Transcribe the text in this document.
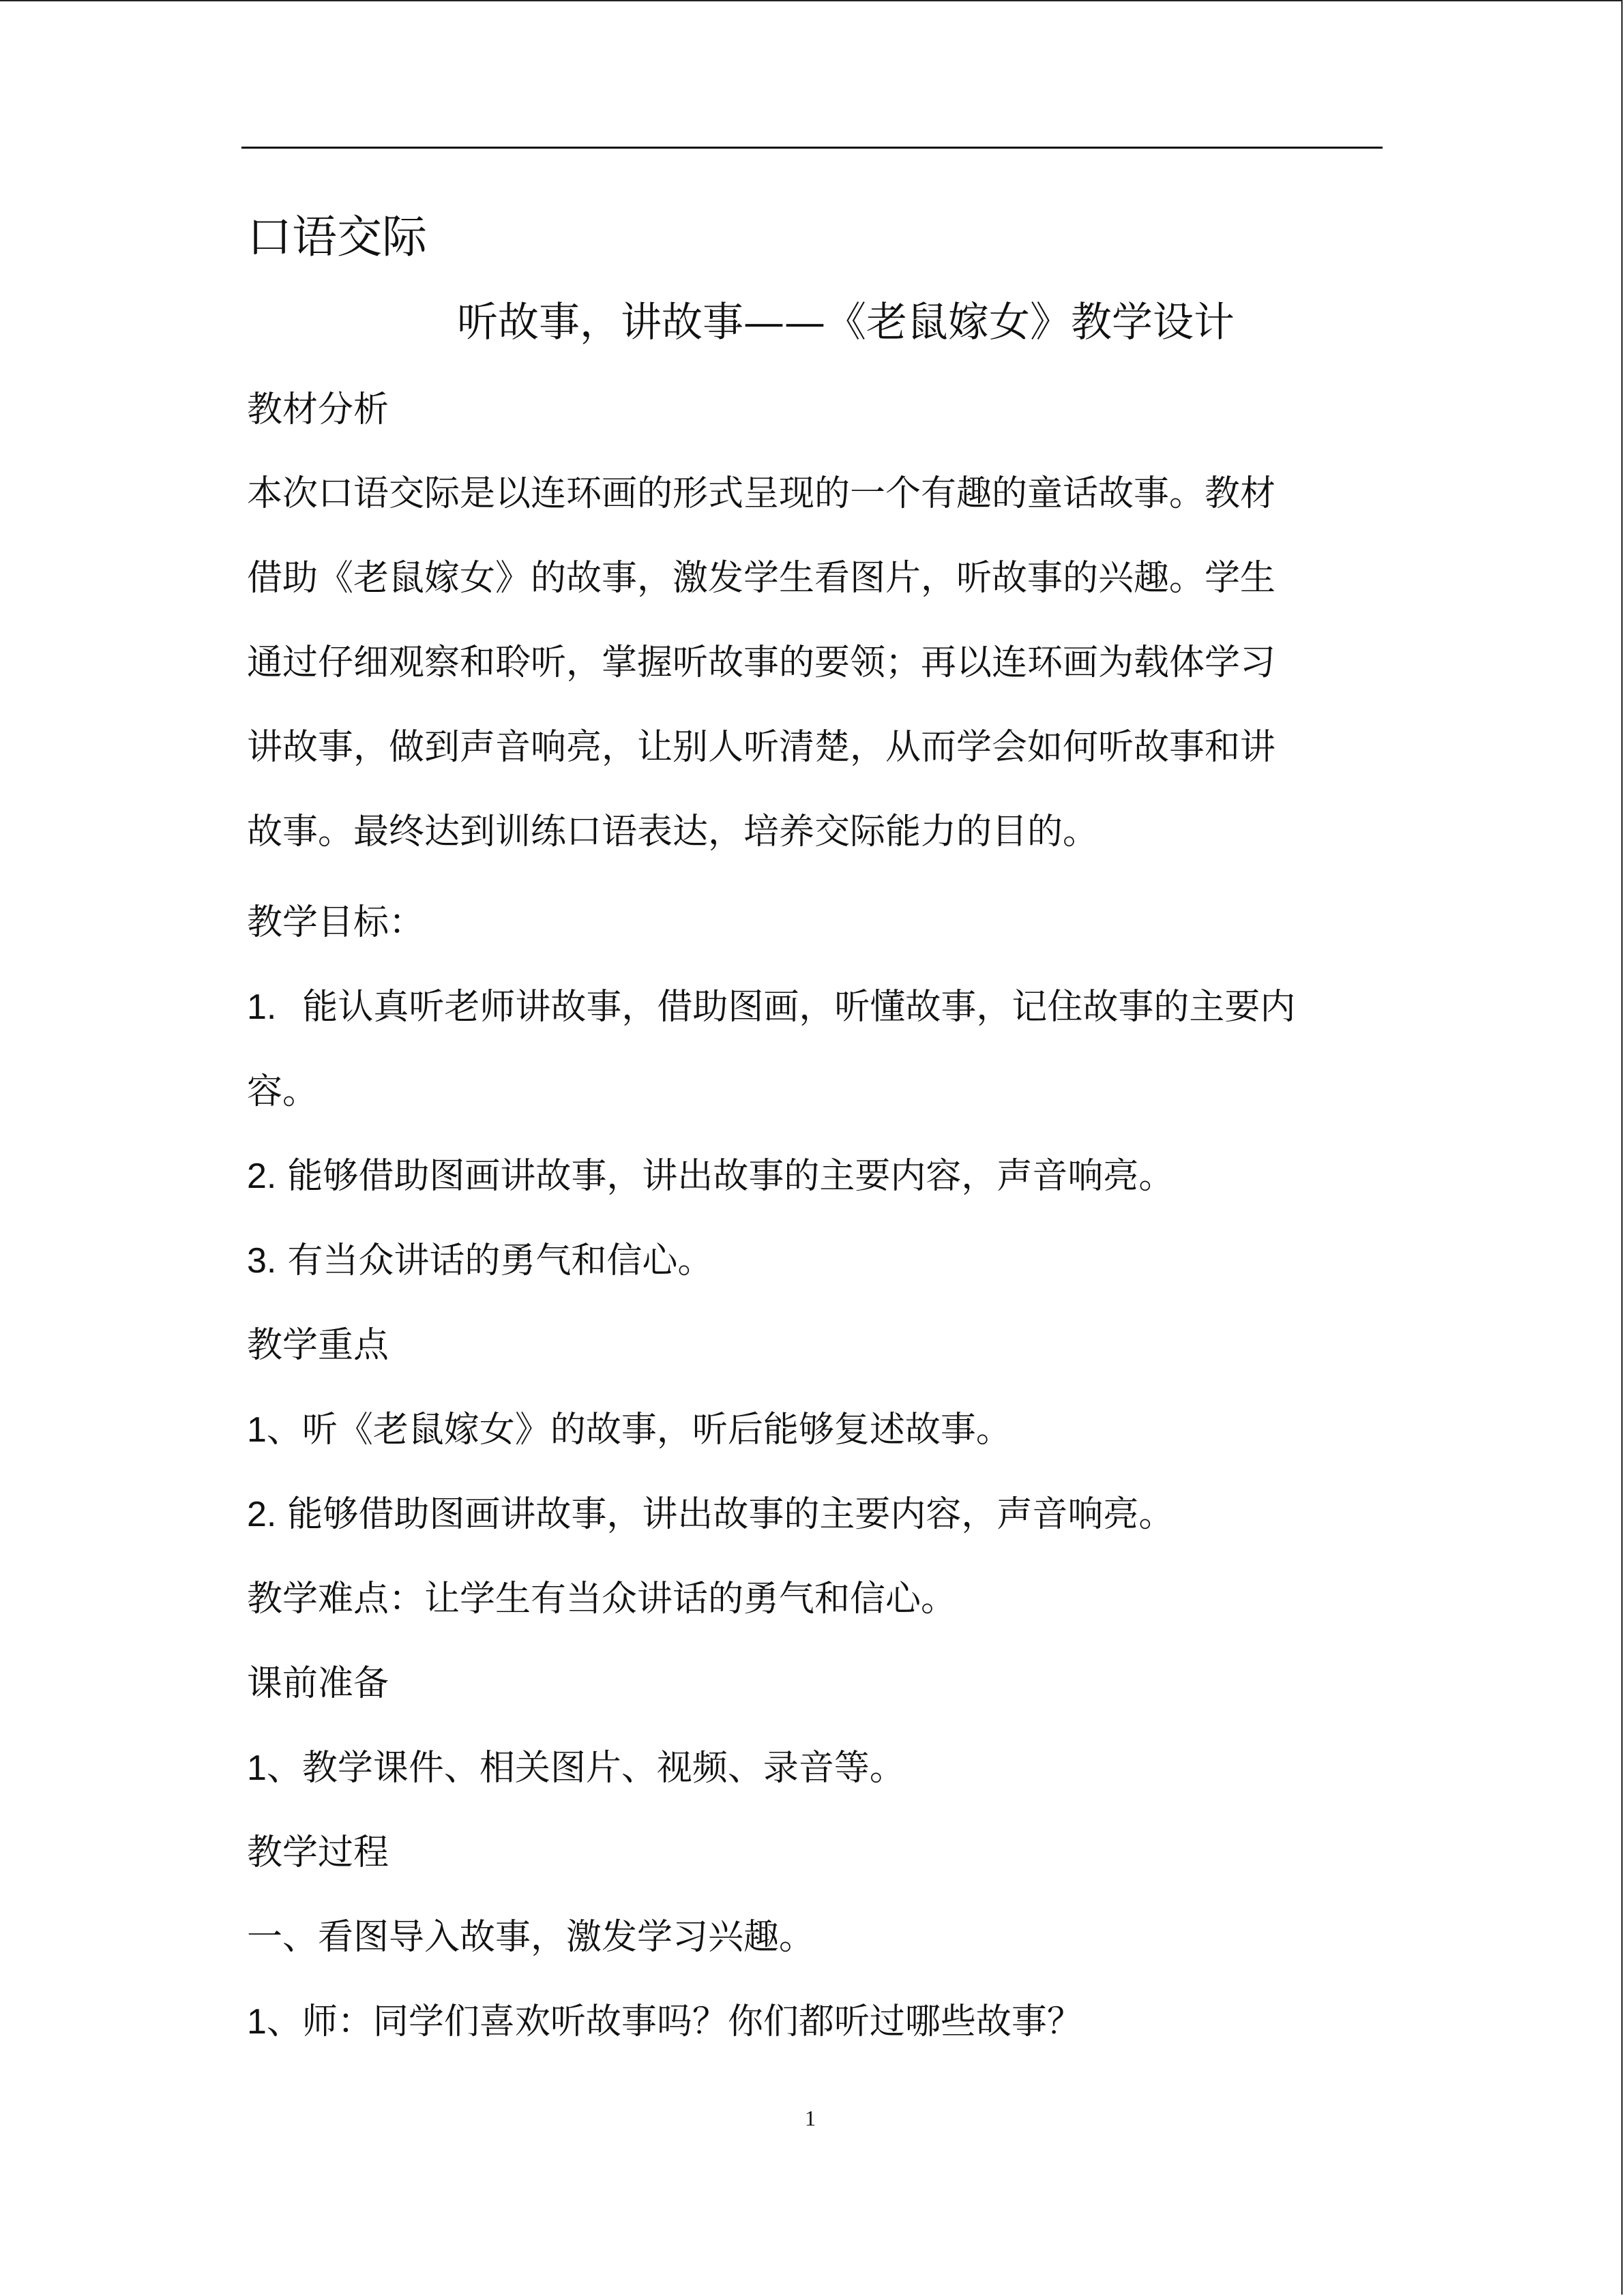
口语交际
听故事，讲故事——《老鼠嫁女》教学设计
教材分析
本次口语交际是以连环画的形式呈现的一个有趣的童话故事。教材
借助《老鼠嫁女》的故事，激发学生看图片，听故事的兴趣。学生
通过仔细观察和聆听，掌握听故事的要领；再以连环画为载体学习
讲故事，做到声音响亮，让别人听清楚，从而学会如何听故事和讲
故事。最终达到训练口语表达，培养交际能力的目的。
教学目标：
1. 能认真听老师讲故事，借助图画，听懂故事，记住故事的主要内
容。
2. 能够借助图画讲故事，讲出故事的主要内容，声音响亮。
3. 有当众讲话的勇气和信心。
教学重点
1、听《老鼠嫁女》的故事，听后能够复述故事。
2. 能够借助图画讲故事，讲出故事的主要内容，声音响亮。
教学难点：让学生有当众讲话的勇气和信心。
课前准备
1、教学课件、相关图片、视频、录音等。
教学过程
一、看图导入故事，激发学习兴趣。
1、师：同学们喜欢听故事吗？你们都听过哪些故事？
1
